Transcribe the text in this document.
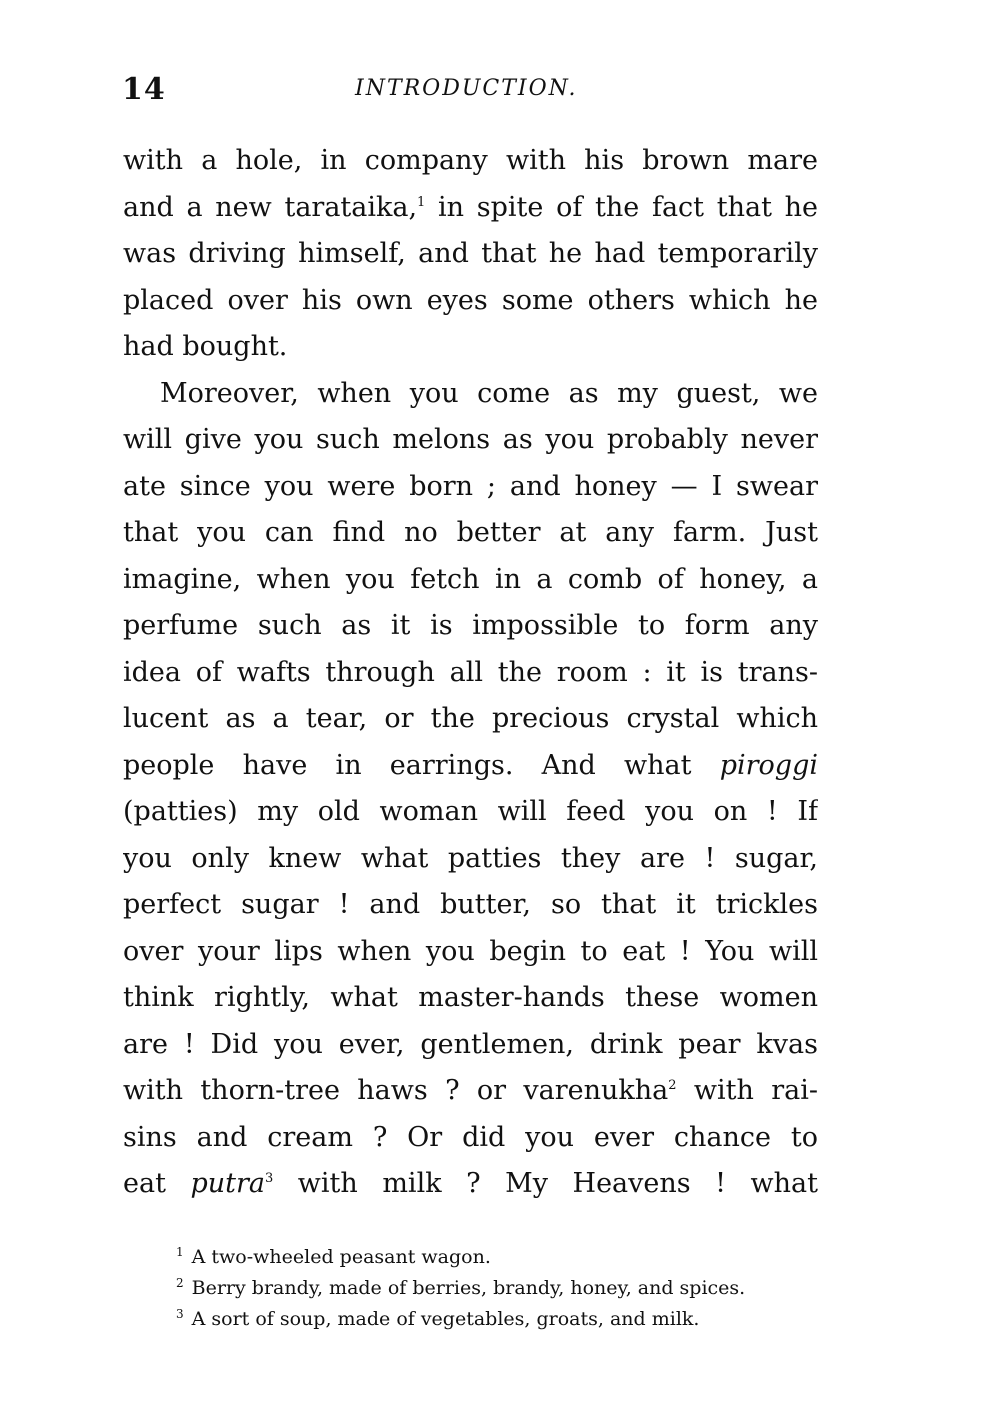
14	INTRODUCTION.
with a hole, in company with his brown mare
and a new tarataika,$^1$ in spite of the fact that he
was driving himself, and that he had temporarily
placed over his own eyes some others which he
had bought.
Moreover, when you come as my guest, we
will give you such melons as you probably never
ate since you were born ; and honey — I swear
that you can find no better at any farm. Just
imagine, when you fetch in a comb of honey, a
perfume such as it is impossible to form any
idea of wafts through all the room : it is trans-
lucent as a tear, or the precious crystal which
people have in earrings. And what piroggi
(patties) my old woman will feed you on ! If
you only knew what patties they are ! sugar,
perfect sugar ! and butter, so that it trickles
over your lips when you begin to eat ! You will
think rightly, what master-hands these women
are ! Did you ever, gentlemen, drink pear kvas
with thorn-tree haws ? or varenukha$^2$ with rai-
sins and cream ? Or did you ever chance to
eat putra$^3$ with milk ? My Heavens ! what
$^1$ A two-wheeled peasant wagon.
$^2$ Berry brandy, made of berries, brandy, honey, and spices.
$^3$ A sort of soup, made of vegetables, groats, and milk.
